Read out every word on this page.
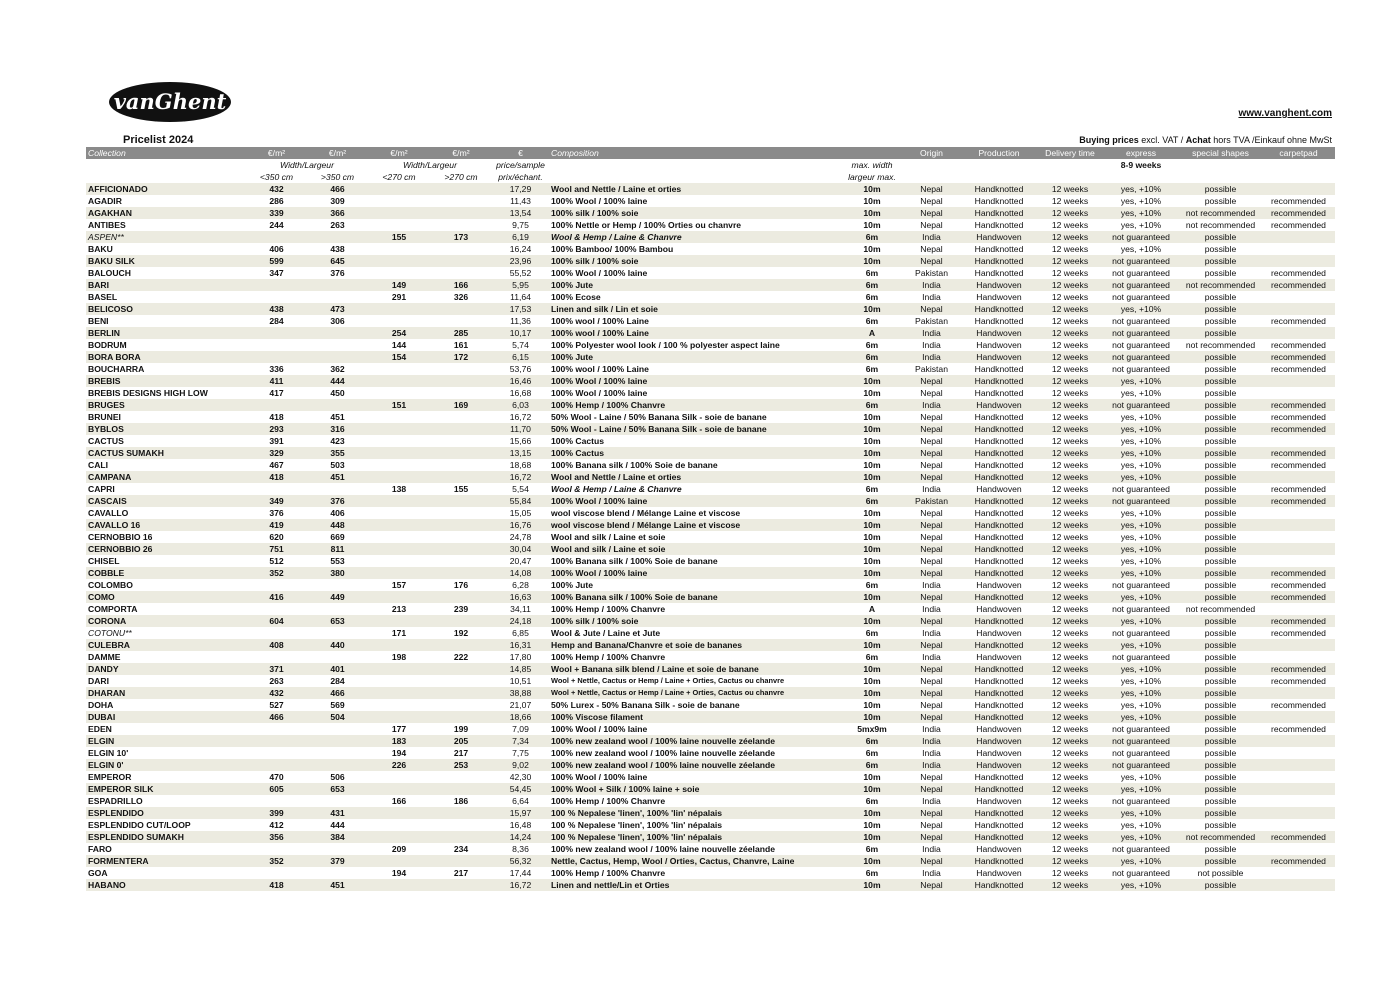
vanGhent	www.vanghent.com
Pricelist 2024	Buying prices excl. VAT / Achat hors TVA /Einkauf ohne MwSt
Collection	€/m²	€/m²	€/m²	€/m²	€	Composition		Origin	Production	Delivery time	express	special shapes	carpetpad
	Width/Largeur		Width/Largeur		price/sample		max. width				8-9 weeks		
	<350 cm	>350 cm	<270 cm	>270 cm	prix/échant.		largeur max.						
AFFICIONADO	432	466			17,29	Wool and Nettle / Laine et orties	10m	Nepal	Handknotted	12 weeks	yes, +10%	possible	
AGADIR	286	309			11,43	100% Wool / 100% laine	10m	Nepal	Handknotted	12 weeks	yes, +10%	possible	recommended
AGAKHAN	339	366			13,54	100% silk / 100% soie	10m	Nepal	Handknotted	12 weeks	yes, +10%	not recommended	recommended
ANTIBES	244	263			9,75	100% Nettle or Hemp / 100% Orties ou chanvre	10m	Nepal	Handknotted	12 weeks	yes, +10%	not recommended	recommended
ASPEN**			155	173	6,19	Wool & Hemp / Laine & Chanvre	6m	India	Handwoven	12 weeks	not guaranteed	possible	
BAKU	406	438			16,24	100% Bamboo/ 100% Bambou	10m	Nepal	Handknotted	12 weeks	yes, +10%	possible	
BAKU SILK	599	645			23,96	100% silk / 100% soie	10m	Nepal	Handknotted	12 weeks	not guaranteed	possible	
BALOUCH	347	376			55,52	100% Wool / 100% laine	6m	Pakistan	Handknotted	12 weeks	not guaranteed	possible	recommended
BARI			149	166	5,95	100% Jute	6m	India	Handwoven	12 weeks	not guaranteed	not recommended	recommended
BASEL			291	326	11,64	100% Ecose	6m	India	Handwoven	12 weeks	not guaranteed	possible	
BELICOSO	438	473			17,53	Linen and silk / Lin et soie	10m	Nepal	Handknotted	12 weeks	yes, +10%	possible	
BENI	284	306			11,36	100% wool / 100% Laine	6m	Pakistan	Handknotted	12 weeks	not guaranteed	possible	recommended
BERLIN			254	285	10,17	100% wool / 100% Laine	A	India	Handwoven	12 weeks	not guaranteed	possible	
BODRUM			144	161	5,74	100% Polyester wool look / 100 % polyester aspect laine	6m	India	Handwoven	12 weeks	not guaranteed	not recommended	recommended
BORA BORA			154	172	6,15	100% Jute	6m	India	Handwoven	12 weeks	not guaranteed	possible	recommended
BOUCHARRA	336	362			53,76	100% wool / 100% Laine	6m	Pakistan	Handknotted	12 weeks	not guaranteed	possible	recommended
BREBIS	411	444			16,46	100% Wool / 100% laine	10m	Nepal	Handknotted	12 weeks	yes, +10%	possible	
BREBIS DESIGNS HIGH LOW	417	450			16,68	100% Wool / 100% laine	10m	Nepal	Handknotted	12 weeks	yes, +10%	possible	
BRUGES			151	169	6,03	100% Hemp / 100% Chanvre	6m	India	Handwoven	12 weeks	not guaranteed	possible	recommended
BRUNEI	418	451			16,72	50% Wool - Laine / 50% Banana Silk - soie de banane	10m	Nepal	Handknotted	12 weeks	yes, +10%	possible	recommended
BYBLOS	293	316			11,70	50% Wool - Laine / 50% Banana Silk - soie de banane	10m	Nepal	Handknotted	12 weeks	yes, +10%	possible	recommended
CACTUS	391	423			15,66	100% Cactus	10m	Nepal	Handknotted	12 weeks	yes, +10%	possible	
CACTUS SUMAKH	329	355			13,15	100% Cactus	10m	Nepal	Handknotted	12 weeks	yes, +10%	possible	recommended
CALI	467	503			18,68	100% Banana silk / 100% Soie de banane	10m	Nepal	Handknotted	12 weeks	yes, +10%	possible	recommended
CAMPANA	418	451			16,72	Wool and Nettle / Laine et orties	10m	Nepal	Handknotted	12 weeks	yes, +10%	possible	
CAPRI			138	155	5,54	Wool & Hemp / Laine & Chanvre	6m	India	Handwoven	12 weeks	not guaranteed	possible	recommended
CASCAIS	349	376			55,84	100% Wool / 100% laine	6m	Pakistan	Handknotted	12 weeks	not guaranteed	possible	recommended
CAVALLO	376	406			15,05	wool viscose blend / Mélange Laine et viscose	10m	Nepal	Handknotted	12 weeks	yes, +10%	possible	
CAVALLO 16	419	448			16,76	wool viscose blend / Mélange Laine et viscose	10m	Nepal	Handknotted	12 weeks	yes, +10%	possible	
CERNOBBIO 16	620	669			24,78	Wool and silk / Laine et soie	10m	Nepal	Handknotted	12 weeks	yes, +10%	possible	
CERNOBBIO 26	751	811			30,04	Wool and silk / Laine et soie	10m	Nepal	Handknotted	12 weeks	yes, +10%	possible	
CHISEL	512	553			20,47	100% Banana silk / 100% Soie de banane	10m	Nepal	Handknotted	12 weeks	yes, +10%	possible	
COBBLE	352	380			14,08	100% Wool / 100% laine	10m	Nepal	Handknotted	12 weeks	yes, +10%	possible	recommended
COLOMBO			157	176	6,28	100% Jute	6m	India	Handwoven	12 weeks	not guaranteed	possible	recommended
COMO	416	449			16,63	100% Banana silk / 100% Soie de banane	10m	Nepal	Handknotted	12 weeks	yes, +10%	possible	recommended
COMPORTA			213	239	34,11	100% Hemp / 100% Chanvre	A	India	Handwoven	12 weeks	not guaranteed	not recommended	
CORONA	604	653			24,18	100% silk / 100% soie	10m	Nepal	Handknotted	12 weeks	yes, +10%	possible	recommended
COTONU**			171	192	6,85	Wool & Jute / Laine et Jute	6m	India	Handwoven	12 weeks	not guaranteed	possible	recommended
CULEBRA	408	440			16,31	Hemp and Banana/Chanvre et soie de bananes	10m	Nepal	Handknotted	12 weeks	yes, +10%	possible	
DAMME			198	222	17,80	100% Hemp / 100% Chanvre	6m	India	Handwoven	12 weeks	not guaranteed	possible	
DANDY	371	401			14,85	Wool + Banana silk blend / Laine et soie de banane	10m	Nepal	Handknotted	12 weeks	yes, +10%	possible	recommended
DARI	263	284			10,51	Wool + Nettle, Cactus or Hemp / Laine + Orties, Cactus ou chanvre	10m	Nepal	Handknotted	12 weeks	yes, +10%	possible	recommended
DHARAN	432	466			38,88	Wool + Nettle, Cactus or Hemp / Laine + Orties, Cactus ou chanvre	10m	Nepal	Handknotted	12 weeks	yes, +10%	possible	
DOHA	527	569			21,07	50% Lurex - 50% Banana Silk - soie de banane	10m	Nepal	Handknotted	12 weeks	yes, +10%	possible	recommended
DUBAI	466	504			18,66	100% Viscose filament	10m	Nepal	Handknotted	12 weeks	yes, +10%	possible	
EDEN			177	199	7,09	100% Wool / 100% laine	5mx9m	India	Handwoven	12 weeks	not guaranteed	possible	recommended
ELGIN			183	205	7,34	100% new zealand wool / 100% laine nouvelle zéelande	6m	India	Handwoven	12 weeks	not guaranteed	possible	
ELGIN 10'			194	217	7,75	100% new zealand wool / 100% laine nouvelle zéelande	6m	India	Handwoven	12 weeks	not guaranteed	possible	
ELGIN 0'			226	253	9,02	100% new zealand wool / 100% laine nouvelle zéelande	6m	India	Handwoven	12 weeks	not guaranteed	possible	
EMPEROR	470	506			42,30	100% Wool / 100% laine	10m	Nepal	Handknotted	12 weeks	yes, +10%	possible	
EMPEROR SILK	605	653			54,45	100% Wool + Silk / 100% laine + soie	10m	Nepal	Handknotted	12 weeks	yes, +10%	possible	
ESPADRILLO			166	186	6,64	100% Hemp / 100% Chanvre	6m	India	Handwoven	12 weeks	not guaranteed	possible	
ESPLENDIDO	399	431			15,97	100 % Nepalese 'linen', 100% 'lin' népalais	10m	Nepal	Handknotted	12 weeks	yes, +10%	possible	
ESPLENDIDO CUT/LOOP	412	444			16,48	100 % Nepalese 'linen', 100% 'lin' népalais	10m	Nepal	Handknotted	12 weeks	yes, +10%	possible	
ESPLENDIDO SUMAKH	356	384			14,24	100 % Nepalese 'linen', 100% 'lin' népalais	10m	Nepal	Handknotted	12 weeks	yes, +10%	not recommended	recommended
FARO			209	234	8,36	100% new zealand wool / 100% laine nouvelle zéelande	6m	India	Handwoven	12 weeks	not guaranteed	possible	
FORMENTERA	352	379			56,32	Nettle, Cactus, Hemp, Wool / Orties, Cactus, Chanvre, Laine	10m	Nepal	Handknotted	12 weeks	yes, +10%	possible	recommended
GOA			194	217	17,44	100% Hemp / 100% Chanvre	6m	India	Handwoven	12 weeks	not guaranteed	not possible	
HABANO	418	451			16,72	Linen and nettle/Lin et Orties	10m	Nepal	Handknotted	12 weeks	yes, +10%	possible	
